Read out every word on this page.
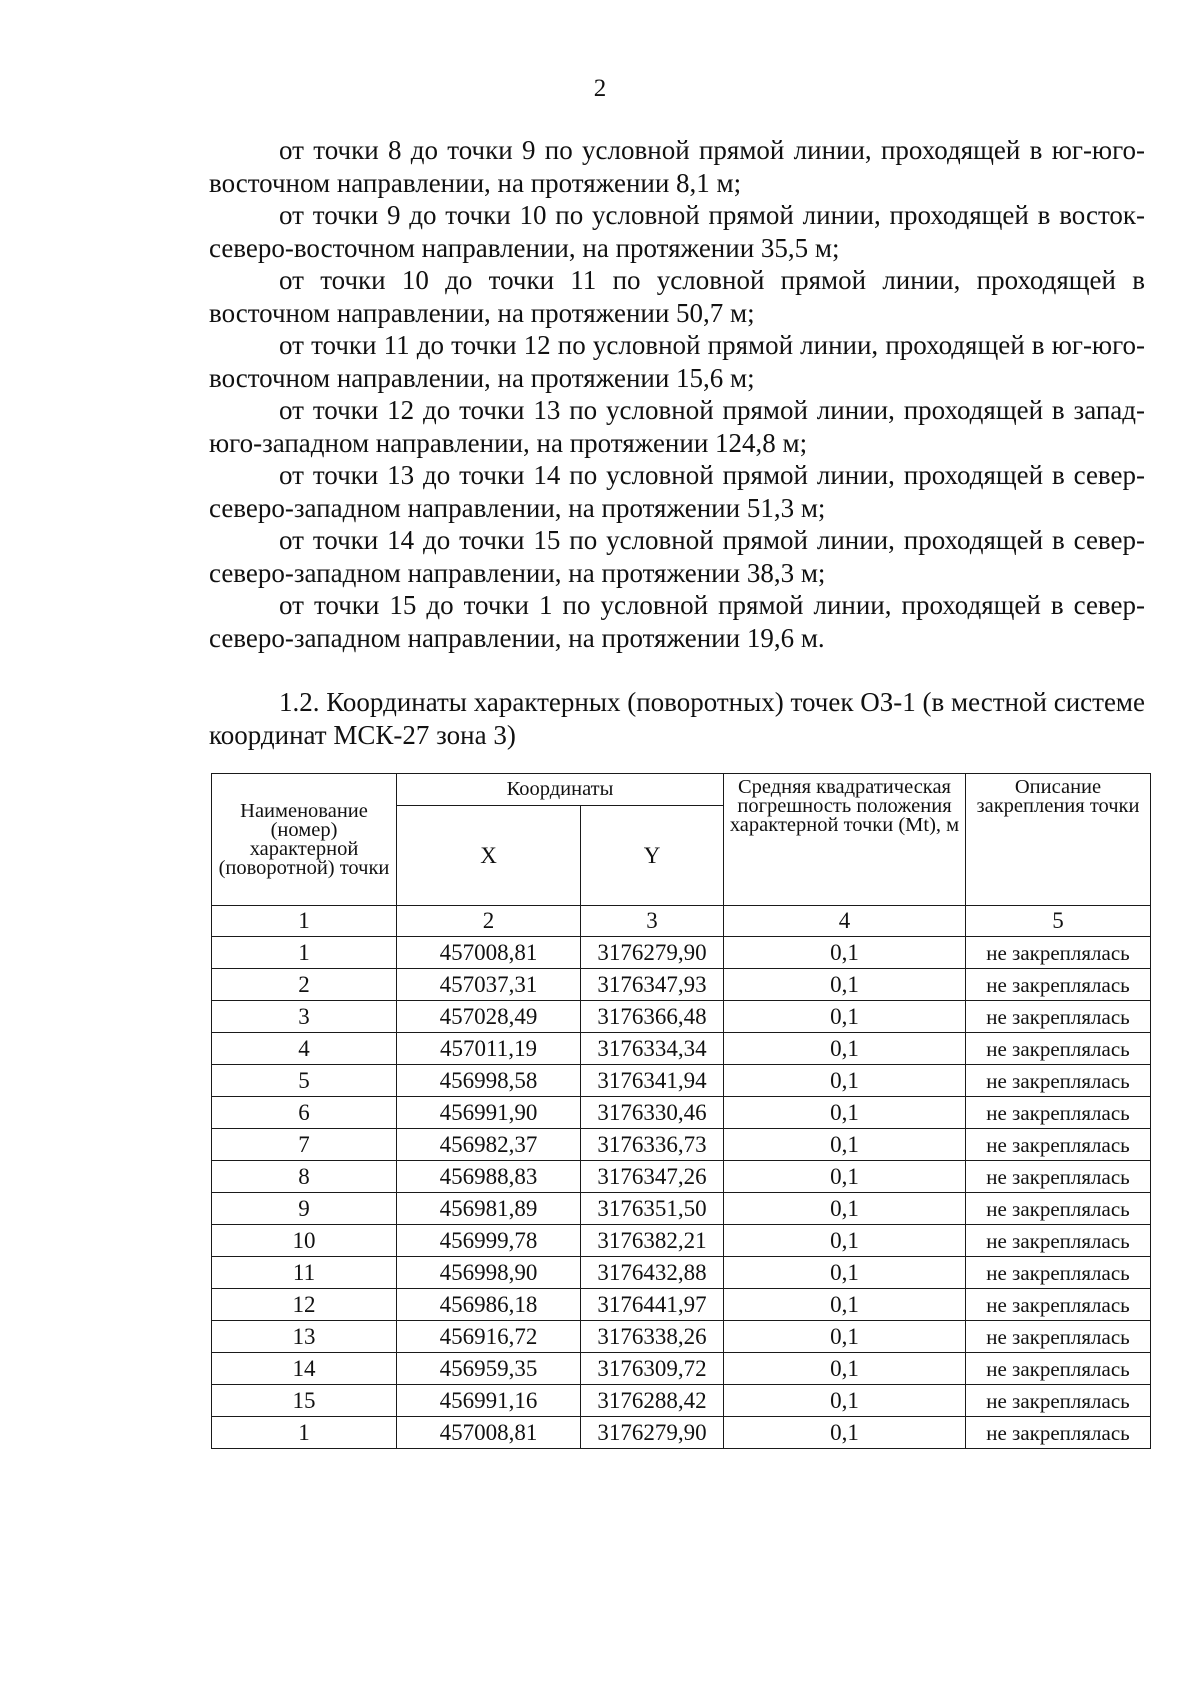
2

от точки 8 до точки 9 по условной прямой линии, проходящей в юг-юго-восточном направлении, на протяжении 8,1 м;

от точки 9 до точки 10 по условной прямой линии, проходящей в восток-северо-восточном направлении, на протяжении 35,5 м;

от точки 10 до точки 11 по условной прямой линии, проходящей в восточном направлении, на протяжении 50,7 м;

от точки 11 до точки 12 по условной прямой линии, проходящей в юг-юго-восточном направлении, на протяжении 15,6 м;

от точки 12 до точки 13 по условной прямой линии, проходящей в запад-юго-западном направлении, на протяжении 124,8 м;

от точки 13 до точки 14 по условной прямой линии, проходящей в север-северо-западном направлении, на протяжении 51,3 м;

от точки 14 до точки 15 по условной прямой линии, проходящей в север-северо-западном направлении, на протяжении 38,3 м;

от точки 15 до точки 1 по условной прямой линии, проходящей в север-северо-западном направлении, на протяжении 19,6 м.

1.2. Координаты характерных (поворотных) точек ОЗ-1 (в местной системе координат МСК-27 зона 3)

Наименование (номер) характерной (поворотной) точки	Координаты		Средняя квадратическая погрешность положения характерной точки (Mt), м	Описание закрепления точки
	X	Y		
1	2	3	4	5
1	457008,81	3176279,90	0,1	не закреплялась
2	457037,31	3176347,93	0,1	не закреплялась
3	457028,49	3176366,48	0,1	не закреплялась
4	457011,19	3176334,34	0,1	не закреплялась
5	456998,58	3176341,94	0,1	не закреплялась
6	456991,90	3176330,46	0,1	не закреплялась
7	456982,37	3176336,73	0,1	не закреплялась
8	456988,83	3176347,26	0,1	не закреплялась
9	456981,89	3176351,50	0,1	не закреплялась
10	456999,78	3176382,21	0,1	не закреплялась
11	456998,90	3176432,88	0,1	не закреплялась
12	456986,18	3176441,97	0,1	не закреплялась
13	456916,72	3176338,26	0,1	не закреплялась
14	456959,35	3176309,72	0,1	не закреплялась
15	456991,16	3176288,42	0,1	не закреплялась
1	457008,81	3176279,90	0,1	не закреплялась
